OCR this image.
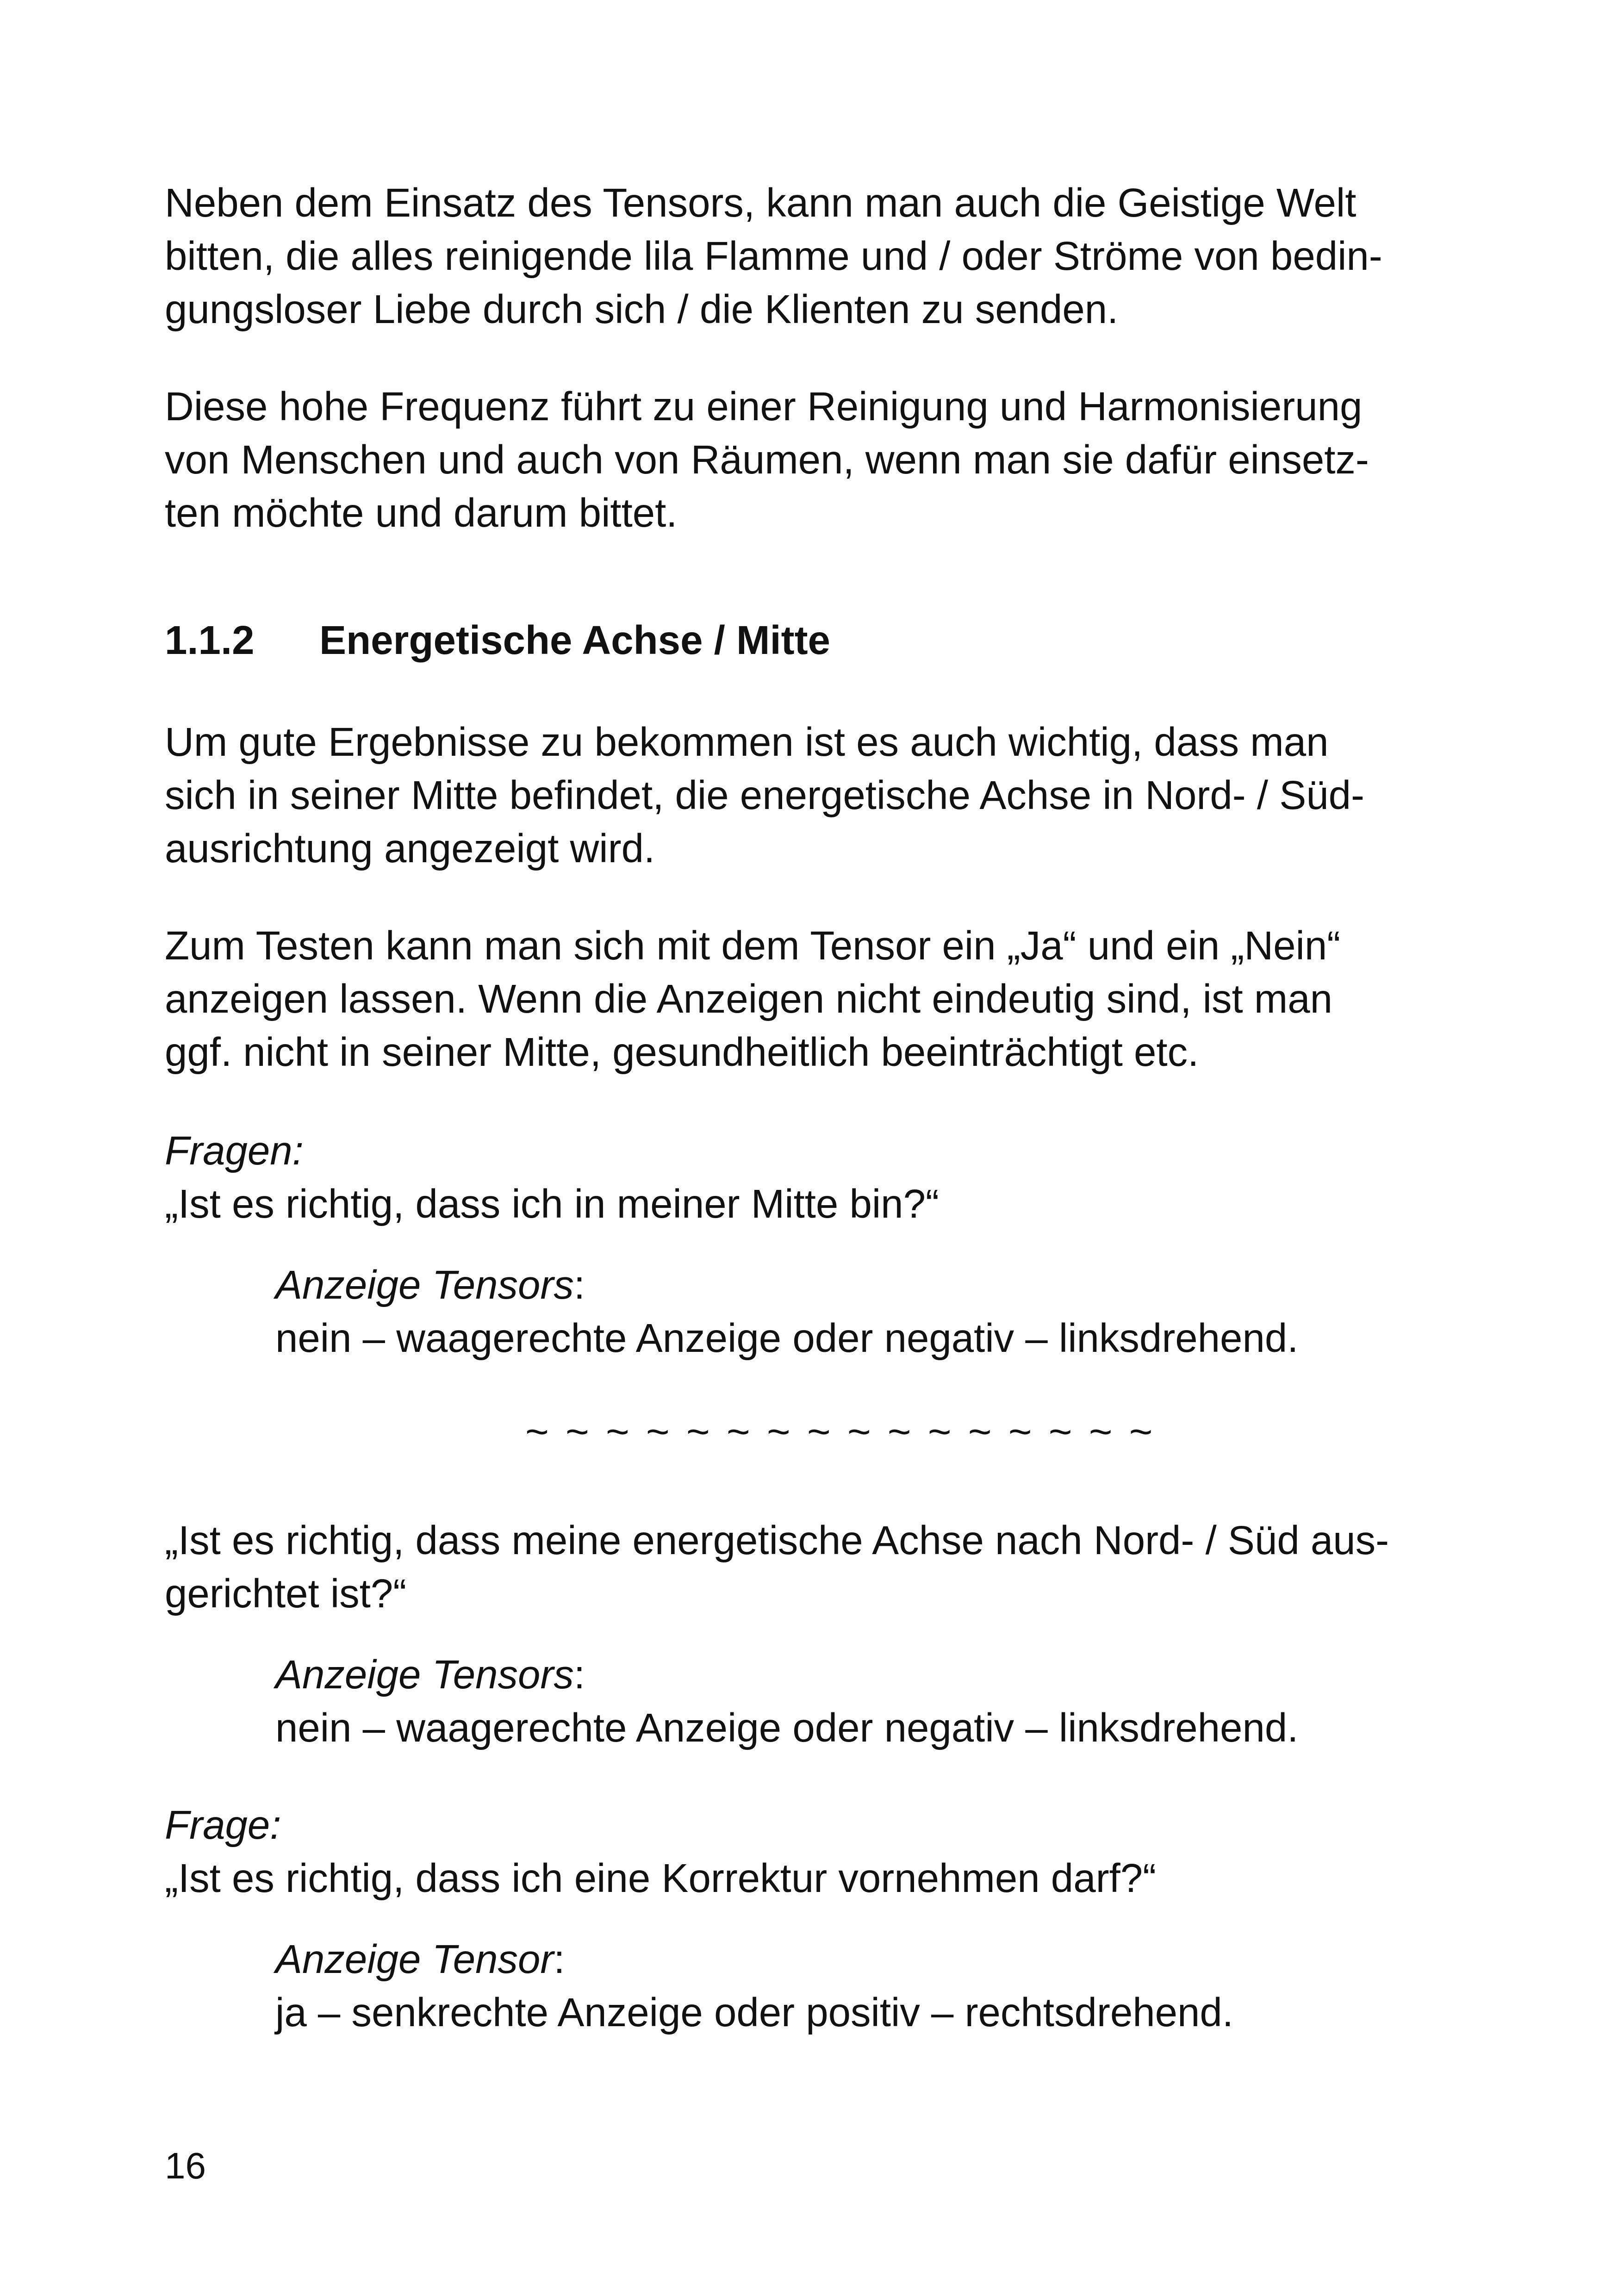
Neben dem Einsatz des Tensors, kann man auch die Geistige Welt
bitten, die alles reinigende lila Flamme und / oder Ströme von bedin-
gungsloser Liebe durch sich / die Klienten zu senden.
Diese hohe Frequenz führt zu einer Reinigung und Harmonisierung
von Menschen und auch von Räumen, wenn man sie dafür einsetz-
ten möchte und darum bittet.
1.1.2 Energetische Achse / Mitte
Um gute Ergebnisse zu bekommen ist es auch wichtig, dass man
sich in seiner Mitte befindet, die energetische Achse in Nord- / Süd-
ausrichtung angezeigt wird.
Zum Testen kann man sich mit dem Tensor ein „Ja“ und ein „Nein“
anzeigen lassen. Wenn die Anzeigen nicht eindeutig sind, ist man
ggf. nicht in seiner Mitte, gesundheitlich beeinträchtigt etc.
Fragen:
„Ist es richtig, dass ich in meiner Mitte bin?“
Anzeige Tensors:
nein – waagerechte Anzeige oder negativ – linksdrehend.
~ ~ ~ ~ ~ ~ ~ ~ ~ ~ ~ ~ ~ ~ ~ ~
„Ist es richtig, dass meine energetische Achse nach Nord- / Süd aus-
gerichtet ist?“
Anzeige Tensors:
nein – waagerechte Anzeige oder negativ – linksdrehend.
Frage:
„Ist es richtig, dass ich eine Korrektur vornehmen darf?“
Anzeige Tensor:
ja – senkrechte Anzeige oder positiv – rechtsdrehend.
16
